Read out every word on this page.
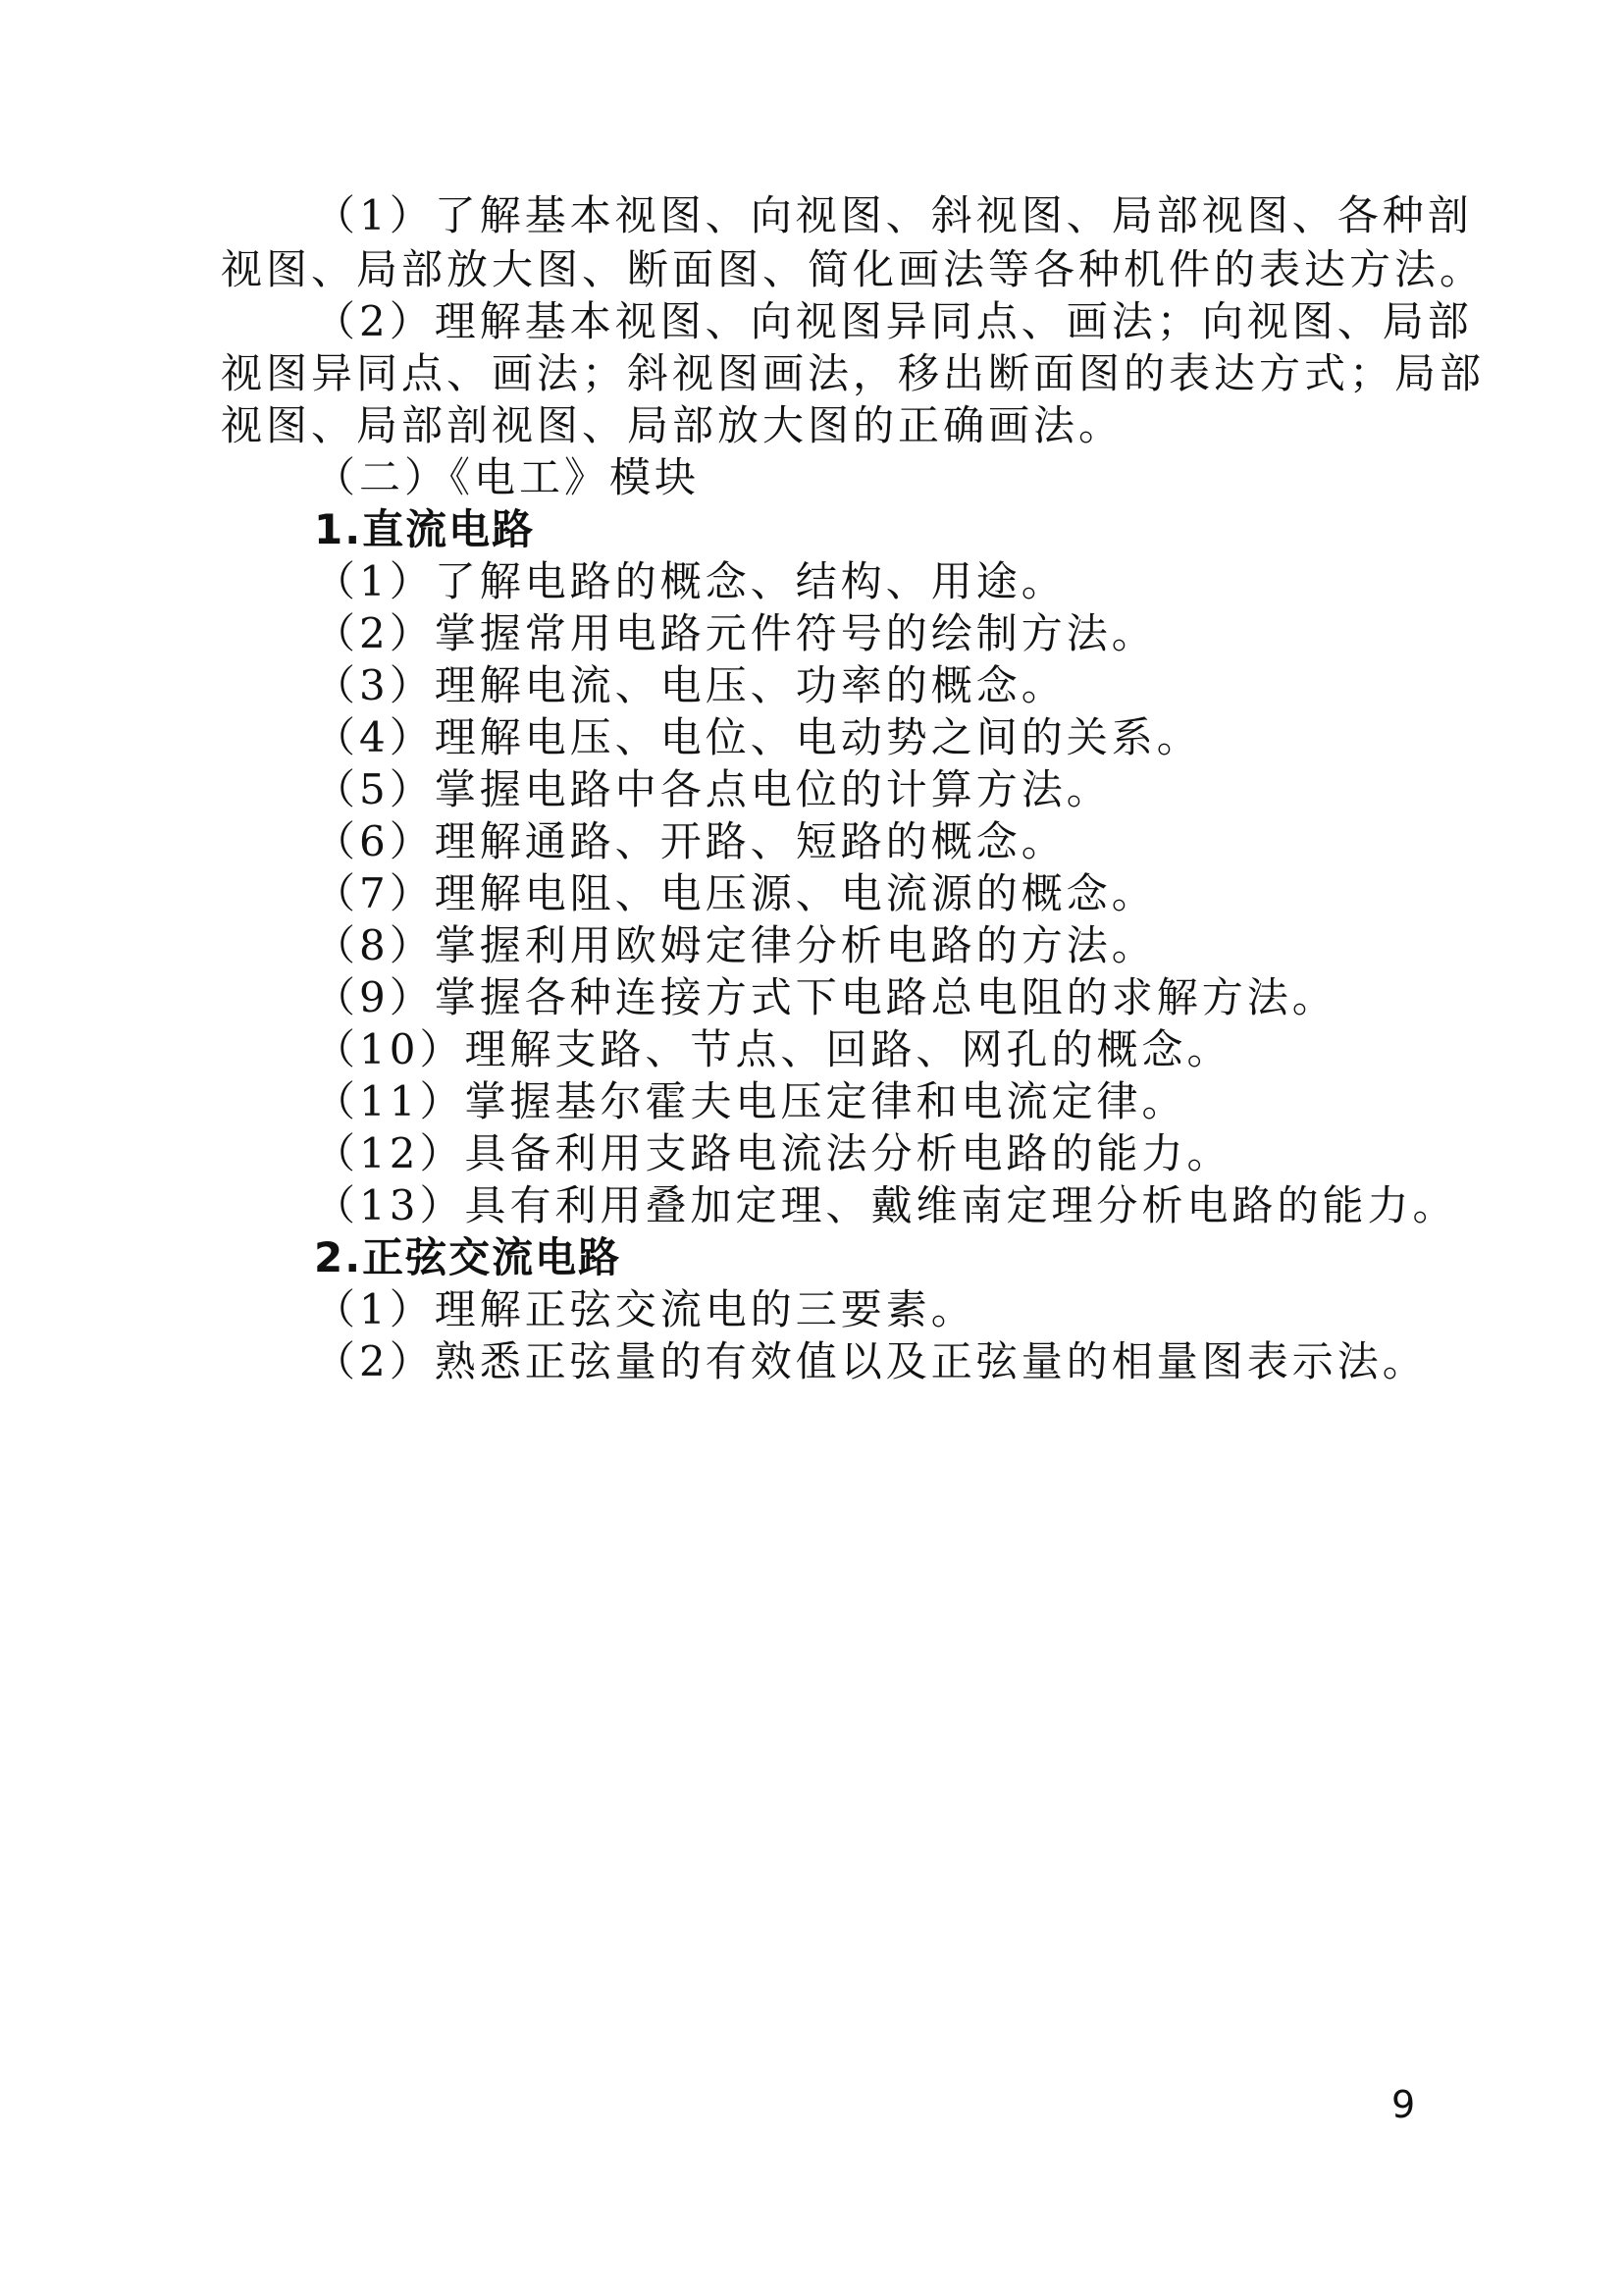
（1）了解基本视图、向视图、斜视图、局部视图、各种剖
视图、局部放大图、断面图、简化画法等各种机件的表达方法。
（2）理解基本视图、向视图异同点、画法；向视图、局部
视图异同点、画法；斜视图画法，移出断面图的表达方式；局部
视图、局部剖视图、局部放大图的正确画法。
（二）《电工》模块
1.直流电路
（1）了解电路的概念、结构、用途。
（2）掌握常用电路元件符号的绘制方法。
（3）理解电流、电压、功率的概念。
（4）理解电压、电位、电动势之间的关系。
（5）掌握电路中各点电位的计算方法。
（6）理解通路、开路、短路的概念。
（7）理解电阻、电压源、电流源的概念。
（8）掌握利用欧姆定律分析电路的方法。
（9）掌握各种连接方式下电路总电阻的求解方法。
（10）理解支路、节点、回路、网孔的概念。
（11）掌握基尔霍夫电压定律和电流定律。
（12）具备利用支路电流法分析电路的能力。
（13）具有利用叠加定理、戴维南定理分析电路的能力。
2.正弦交流电路
（1）理解正弦交流电的三要素。
（2）熟悉正弦量的有效值以及正弦量的相量图表示法。
9
